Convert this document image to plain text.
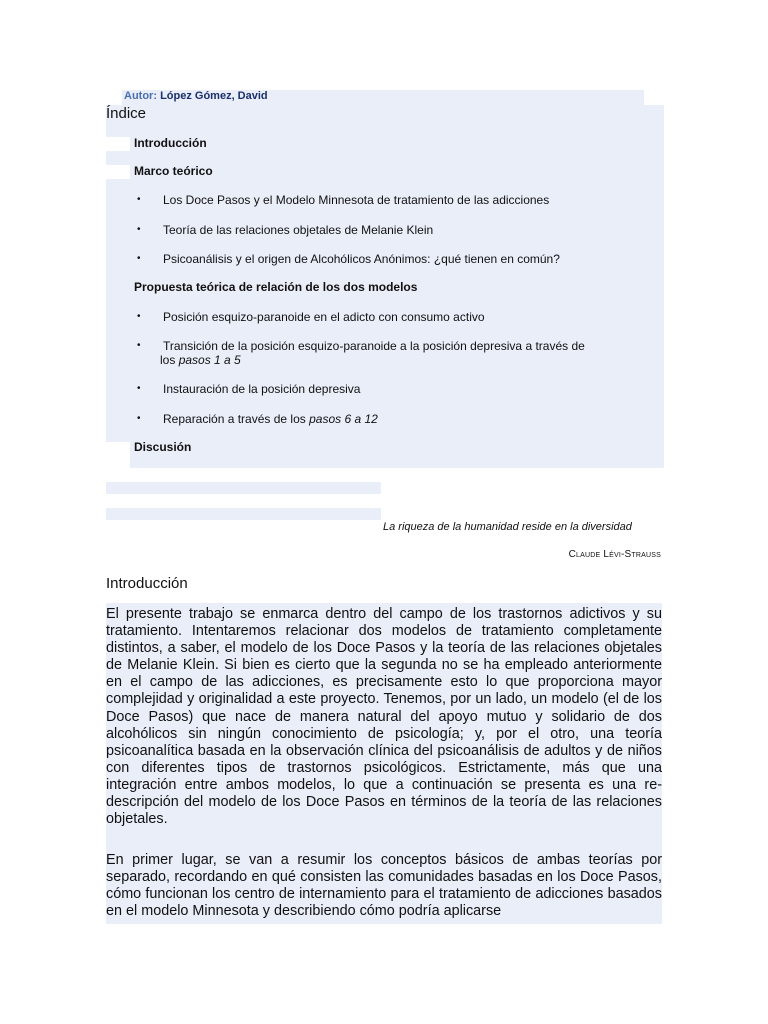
Autor: López Gómez, David
Índice
Introducción
Marco teórico
• Los Doce Pasos y el Modelo Minnesota de tratamiento de las adicciones
• Teoría de las relaciones objetales de Melanie Klein
• Psicoanálisis y el origen de Alcohólicos Anónimos: ¿qué tienen en común?
Propuesta teórica de relación de los dos modelos
• Posición esquizo-paranoide en el adicto con consumo activo
• Transición de la posición esquizo-paranoide a la posición depresiva a través de
los pasos 1 a 5
• Instauración de la posición depresiva
• Reparación a través de los pasos 6 a 12
Discusión
La riqueza de la humanidad reside en la diversidad
Claude Lévi-Strauss
Introducción
El presente trabajo se enmarca dentro del campo de los trastornos adictivos y su tratamiento. Intentaremos relacionar dos modelos de tratamiento completamente distintos, a saber, el modelo de los Doce Pasos y la teoría de las relaciones objetales de Melanie Klein. Si bien es cierto que la segunda no se ha empleado anteriormente en el campo de las adicciones, es precisamente esto lo que proporciona mayor complejidad y originalidad a este proyecto. Tenemos, por un lado, un modelo (el de los Doce Pasos) que nace de manera natural del apoyo mutuo y solidario de dos alcohólicos sin ningún conocimiento de psicología; y, por el otro, una teoría psicoanalítica basada en la observación clínica del psicoanálisis de adultos y de niños con diferentes tipos de trastornos psicológicos. Estrictamente, más que una integración entre ambos modelos, lo que a continuación se presenta es una re-descripción del modelo de los Doce Pasos en términos de la teoría de las relaciones objetales.
En primer lugar, se van a resumir los conceptos básicos de ambas teorías por separado, recordando en qué consisten las comunidades basadas en los Doce Pasos, cómo funcionan los centro de internamiento para el tratamiento de adicciones basados en el modelo Minnesota y describiendo cómo podría aplicarse
